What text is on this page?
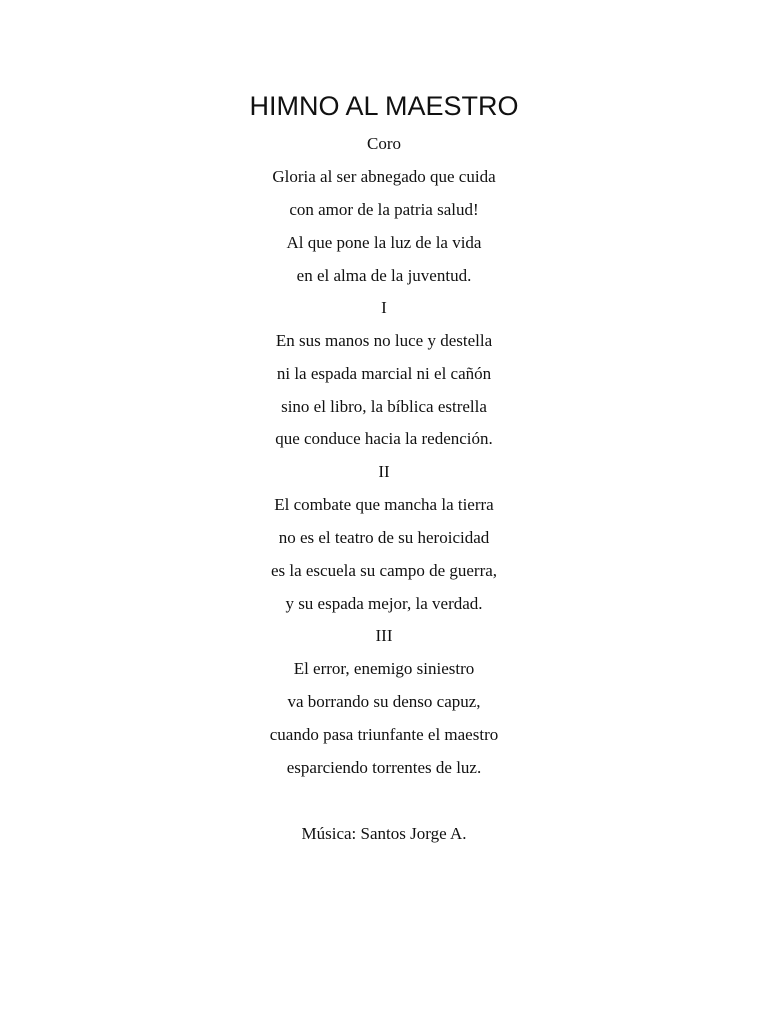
HIMNO AL MAESTRO
Coro
Gloria al ser abnegado que cuida
con amor de la patria salud!
Al que pone la luz de la vida
en el alma de la juventud.
I
En sus manos no luce y destella
ni la espada marcial ni el cañón
sino el libro, la bíblica estrella
que conduce hacia la redención.
II
El combate que mancha la tierra
no es el teatro de su heroicidad
es la escuela su campo de guerra,
y su espada mejor, la verdad.
III
El error, enemigo siniestro
va borrando su denso capuz,
cuando pasa triunfante el maestro
esparciendo torrentes de luz.
Música: Santos Jorge A.
